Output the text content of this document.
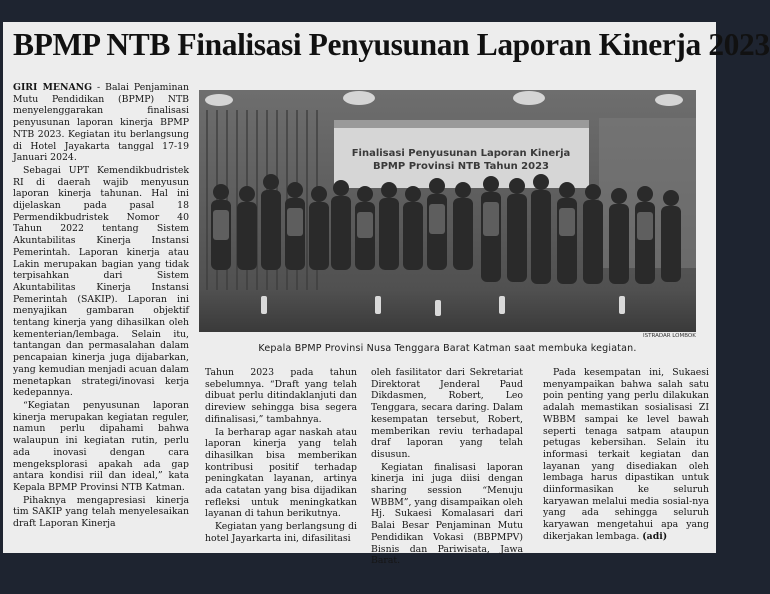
BPMP NTB Finalisasi Penyusunan Laporan Kinerja 2023

GIRI MENANG - Balai Penjaminan Mutu Pendidikan (BPMP) NTB menyelenggarakan finalisasi penyusunan laporan kinerja BPMP NTB 2023. Kegiatan itu berlangsung di Hotel Jayakarta tanggal 17-19 Januari 2024.

Sebagai UPT Kemendikbudristek RI di daerah wajib menyusun laporan kinerja tahunan. Hal ini dijelaskan pada pasal 18 Permendikbudristek Nomor 40 Tahun 2022 tentang Sistem Akuntabilitas Kinerja Instansi Pemerintah. Laporan kinerja atau Lakin merupakan bagian yang tidak terpisahkan dari Sistem Akuntabilitas Kinerja Instansi Pemerintah (SAKIP). Laporan ini menyajikan gambaran objektif tentang kinerja yang dihasilkan oleh kementerian/lembaga. Selain itu, tantangan dan permasalahan dalam pencapaian kinerja juga dijabarkan, yang kemudian menjadi acuan dalam menetapkan strategi/inovasi kerja kedepannya.

“Kegiatan penyusunan laporan kinerja merupakan kegiatan reguler, namun perlu dipahami bahwa walaupun ini kegiatan rutin, perlu ada inovasi dengan cara mengeksplorasi apakah ada gap antara kondisi riil dan ideal,” kata Kepala BPMP Provinsi NTB Katman.

Pihaknya mengapresiasi kinerja tim SAKIP yang telah menyelesaikan draft Laporan Kinerja

Finalisasi Penyusunan Laporan Kinerja
BPMP Provinsi NTB Tahun 2023
ISTRADAR LOMBOK
Kepala BPMP Provinsi Nusa Tenggara Barat Katman saat membuka kegiatan.

Tahun 2023 pada tahun sebelumnya. “Draft yang telah dibuat perlu ditindaklanjuti dan direview sehingga bisa segera difinalisasi,” tambahnya.

Ia berharap agar naskah atau laporan kinerja yang telah dihasilkan bisa memberikan kontribusi positif terhadap peningkatan layanan, artinya ada catatan yang bisa dijadikan refleksi untuk meningkatkan layanan di tahun berikutnya.

Kegiatan yang berlangsung di hotel Jayarkarta ini, difasilitasi

oleh fasilitator dari Sekretariat Direktorat Jenderal Paud Dikdasmen, Robert, Leo Tenggara, secara daring. Dalam kesempatan tersebut, Robert, memberikan reviu terhadapal draf laporan yang telah disusun.

Kegiatan finalisasi laporan kinerja ini juga diisi dengan sharing session “Menuju WBBM”, yang disampaikan oleh Hj. Sukaesi Komalasari dari Balai Besar Penjaminan Mutu Pendidikan Vokasi (BBPMPV) Bisnis dan Pariwisata, Jawa Barat.

Pada kesempatan ini, Sukaesi menyampaikan bahwa salah satu poin penting yang perlu dilakukan adalah memastikan sosialisasi ZI WBBM sampai ke level bawah seperti tenaga satpam ataupun petugas kebersihan. Selain itu informasi terkait kegiatan dan layanan yang disediakan oleh lembaga harus dipastikan untuk diinformasikan ke seluruh karyawan melalui media sosial-nya yang ada sehingga seluruh karyawan mengetahui apa yang dikerjakan lembaga. (adi)
